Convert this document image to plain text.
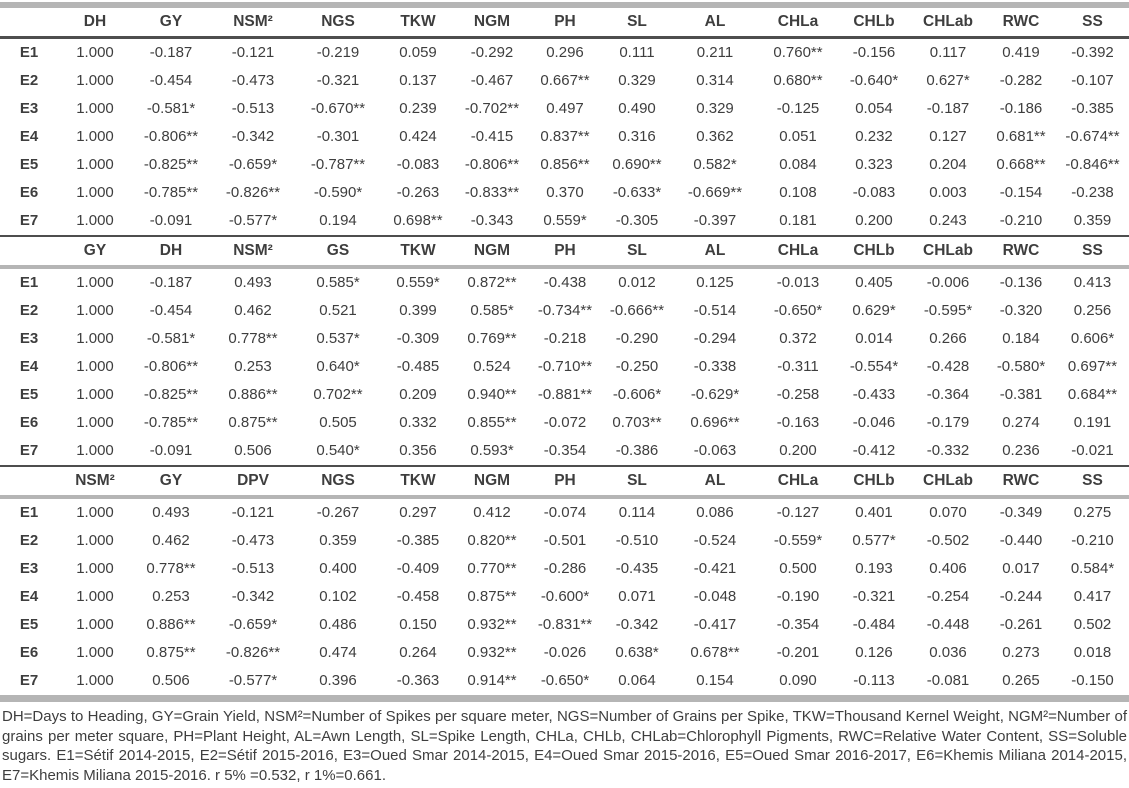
	DH	GY	NSM²	NGS	TKW	NGM	PH	SL	AL	CHLa	CHLb	CHLab	RWC	SS
E1	1.000	-0.187	-0.121	-0.219	0.059	-0.292	0.296	0.111	0.211	0.760**	-0.156	0.117	0.419	-0.392
E2	1.000	-0.454	-0.473	-0.321	0.137	-0.467	0.667**	0.329	0.314	0.680**	-0.640*	0.627*	-0.282	-0.107
E3	1.000	-0.581*	-0.513	-0.670**	0.239	-0.702**	0.497	0.490	0.329	-0.125	0.054	-0.187	-0.186	-0.385
E4	1.000	-0.806**	-0.342	-0.301	0.424	-0.415	0.837**	0.316	0.362	0.051	0.232	0.127	0.681**	-0.674**
E5	1.000	-0.825**	-0.659*	-0.787**	-0.083	-0.806**	0.856**	0.690**	0.582*	0.084	0.323	0.204	0.668**	-0.846**
E6	1.000	-0.785**	-0.826**	-0.590*	-0.263	-0.833**	0.370	-0.633*	-0.669**	0.108	-0.083	0.003	-0.154	-0.238
E7	1.000	-0.091	-0.577*	0.194	0.698**	-0.343	0.559*	-0.305	-0.397	0.181	0.200	0.243	-0.210	0.359
	GY	DH	NSM²	GS	TKW	NGM	PH	SL	AL	CHLa	CHLb	CHLab	RWC	SS
E1	1.000	-0.187	0.493	0.585*	0.559*	0.872**	-0.438	0.012	0.125	-0.013	0.405	-0.006	-0.136	0.413
E2	1.000	-0.454	0.462	0.521	0.399	0.585*	-0.734**	-0.666**	-0.514	-0.650*	0.629*	-0.595*	-0.320	0.256
E3	1.000	-0.581*	0.778**	0.537*	-0.309	0.769**	-0.218	-0.290	-0.294	0.372	0.014	0.266	0.184	0.606*
E4	1.000	-0.806**	0.253	0.640*	-0.485	0.524	-0.710**	-0.250	-0.338	-0.311	-0.554*	-0.428	-0.580*	0.697**
E5	1.000	-0.825**	0.886**	0.702**	0.209	0.940**	-0.881**	-0.606*	-0.629*	-0.258	-0.433	-0.364	-0.381	0.684**
E6	1.000	-0.785**	0.875**	0.505	0.332	0.855**	-0.072	0.703**	0.696**	-0.163	-0.046	-0.179	0.274	0.191
E7	1.000	-0.091	0.506	0.540*	0.356	0.593*	-0.354	-0.386	-0.063	0.200	-0.412	-0.332	0.236	-0.021
	NSM²	GY	DPV	NGS	TKW	NGM	PH	SL	AL	CHLa	CHLb	CHLab	RWC	SS
E1	1.000	0.493	-0.121	-0.267	0.297	0.412	-0.074	0.114	0.086	-0.127	0.401	0.070	-0.349	0.275
E2	1.000	0.462	-0.473	0.359	-0.385	0.820**	-0.501	-0.510	-0.524	-0.559*	0.577*	-0.502	-0.440	-0.210
E3	1.000	0.778**	-0.513	0.400	-0.409	0.770**	-0.286	-0.435	-0.421	0.500	0.193	0.406	0.017	0.584*
E4	1.000	0.253	-0.342	0.102	-0.458	0.875**	-0.600*	0.071	-0.048	-0.190	-0.321	-0.254	-0.244	0.417
E5	1.000	0.886**	-0.659*	0.486	0.150	0.932**	-0.831**	-0.342	-0.417	-0.354	-0.484	-0.448	-0.261	0.502
E6	1.000	0.875**	-0.826**	0.474	0.264	0.932**	-0.026	0.638*	0.678**	-0.201	0.126	0.036	0.273	0.018
E7	1.000	0.506	-0.577*	0.396	-0.363	0.914**	-0.650*	0.064	0.154	0.090	-0.113	-0.081	0.265	-0.150

DH=Days to Heading, GY=Grain Yield, NSM²=Number of Spikes per square meter, NGS=Number of Grains per Spike, TKW=Thousand Kernel Weight, NGM²=Number of grains per meter square, PH=Plant Height, AL=Awn Length, SL=Spike Length, CHLa, CHLb, CHLab=Chlorophyll Pigments, RWC=Relative Water Content, SS=Soluble sugars. E1=Sétif 2014-2015, E2=Sétif 2015-2016, E3=Oued Smar 2014-2015, E4=Oued Smar 2015-2016, E5=Oued Smar 2016-2017, E6=Khemis Miliana 2014-2015, E7=Khemis Miliana 2015-2016. r 5% =0.532, r 1%=0.661.
